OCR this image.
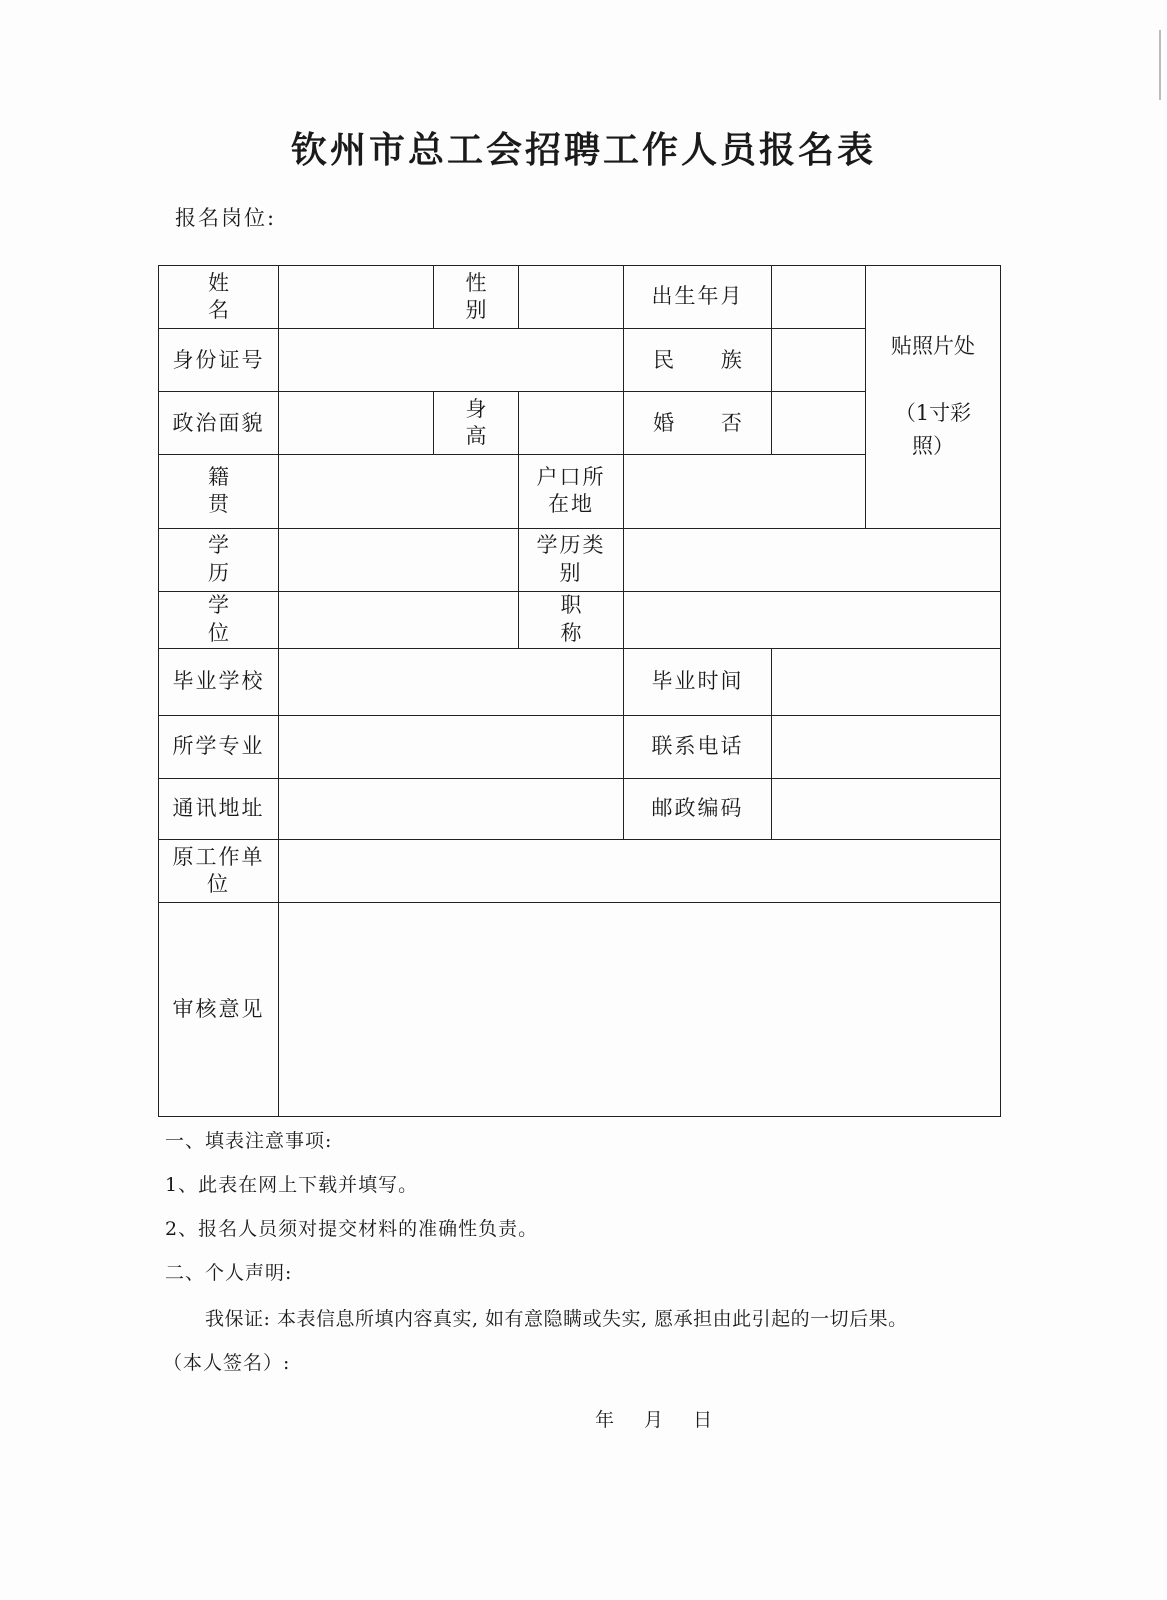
钦州市总工会招聘工作人员报名表
报名岗位:
姓 名		性 别		出生年月		贴照片处

（1寸彩
照）
身份证号				民 族		
政治面貌		身 高		婚 否		
籍 贯			户口所在地			
学 历			学历类别			
学 位			职 称			
毕业学校				毕业时间		
所学专业				联系电话		
通讯地址				邮政编码		
原工作单位						
审核意见						
一、填表注意事项:
1、此表在网上下载并填写。
2、报名人员须对提交材料的准确性负责。
二、个人声明:
我保证: 本表信息所填内容真实, 如有意隐瞒或失实, 愿承担由此引起的一切后果。
（本人签名）:
年 月 日
